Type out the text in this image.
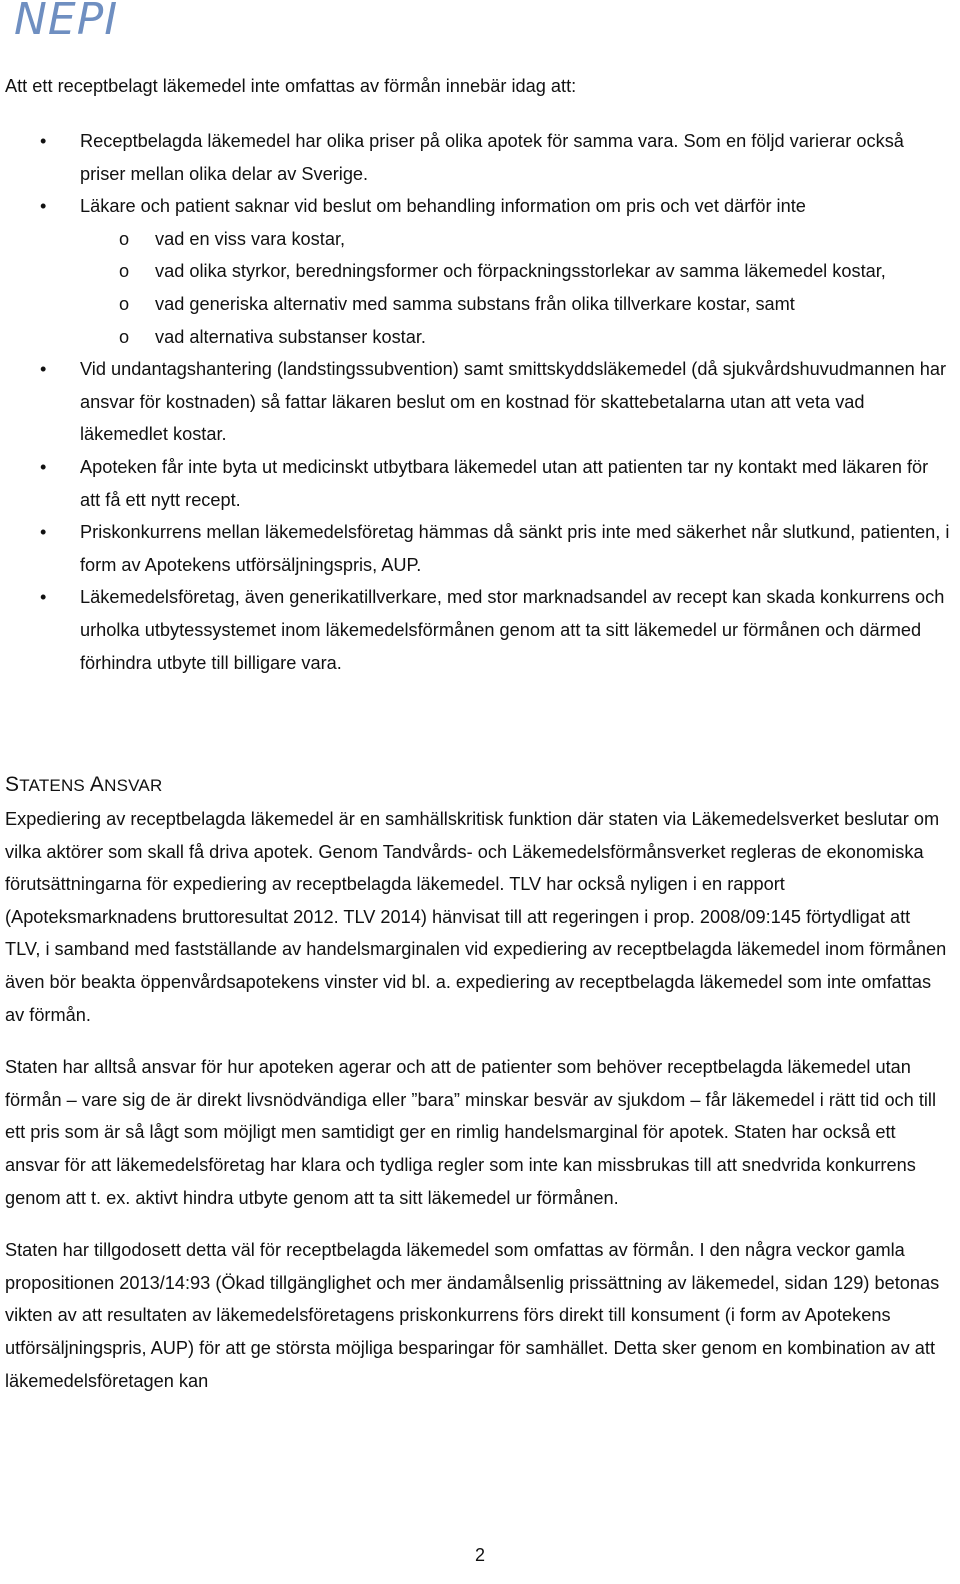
NEPI
Att ett receptbelagt läkemedel inte omfattas av förmån innebär idag att:
• Receptbelagda läkemedel har olika priser på olika apotek för samma vara. Som en följd varierar också priser mellan olika delar av Sverige.
• Läkare och patient saknar vid beslut om behandling information om pris och vet därför inte
o vad en viss vara kostar,
o vad olika styrkor, beredningsformer och förpackningsstorlekar av samma läkemedel kostar,
o vad generiska alternativ med samma substans från olika tillverkare kostar, samt
o vad alternativa substanser kostar.
• Vid undantagshantering (landstingssubvention) samt smittskyddsläkemedel (då sjukvårdshuvudmannen har ansvar för kostnaden) så fattar läkaren beslut om en kostnad för skattebetalarna utan att veta vad läkemedlet kostar.
• Apoteken får inte byta ut medicinskt utbytbara läkemedel utan att patienten tar ny kontakt med läkaren för att få ett nytt recept.
• Priskonkurrens mellan läkemedelsföretag hämmas då sänkt pris inte med säkerhet når slutkund, patienten, i form av Apotekens utförsäljningspris, AUP.
• Läkemedelsföretag, även generikatillverkare, med stor marknadsandel av recept kan skada konkurrens och urholka utbytessystemet inom läkemedelsförmånen genom att ta sitt läkemedel ur förmånen och därmed förhindra utbyte till billigare vara.
STATENS ANSVAR

Expediering av receptbelagda läkemedel är en samhällskritisk funktion där staten via Läkemedelsverket beslutar om vilka aktörer som skall få driva apotek. Genom Tandvårds- och Läkemedelsförmånsverket regleras de ekonomiska förutsättningarna för expediering av receptbelagda läkemedel. TLV har också nyligen i en rapport (Apoteksmarknadens bruttoresultat 2012. TLV 2014) hänvisat till att regeringen i prop. 2008/09:145 förtydligat att TLV, i samband med fastställande av handelsmarginalen vid expediering av receptbelagda läkemedel inom förmånen även bör beakta öppenvårdsapotekens vinster vid bl. a. expediering av receptbelagda läkemedel som inte omfattas av förmån.

Staten har alltså ansvar för hur apoteken agerar och att de patienter som behöver receptbelagda läkemedel utan förmån – vare sig de är direkt livsnödvändiga eller ”bara” minskar besvär av sjukdom – får läkemedel i rätt tid och till ett pris som är så lågt som möjligt men samtidigt ger en rimlig handelsmarginal för apotek. Staten har också ett ansvar för att läkemedelsföretag har klara och tydliga regler som inte kan missbrukas till att snedvrida konkurrens genom att t. ex. aktivt hindra utbyte genom att ta sitt läkemedel ur förmånen.

Staten har tillgodosett detta väl för receptbelagda läkemedel som omfattas av förmån. I den några veckor gamla propositionen 2013/14:93 (Ökad tillgänglighet och mer ändamålsenlig prissättning av läkemedel, sidan 129) betonas vikten av att resultaten av läkemedelsföretagens priskonkurrens förs direkt till konsument (i form av Apotekens utförsäljningspris, AUP) för att ge största möjliga besparingar för samhället. Detta sker genom en kombination av att läkemedelsföretagen kan

2
